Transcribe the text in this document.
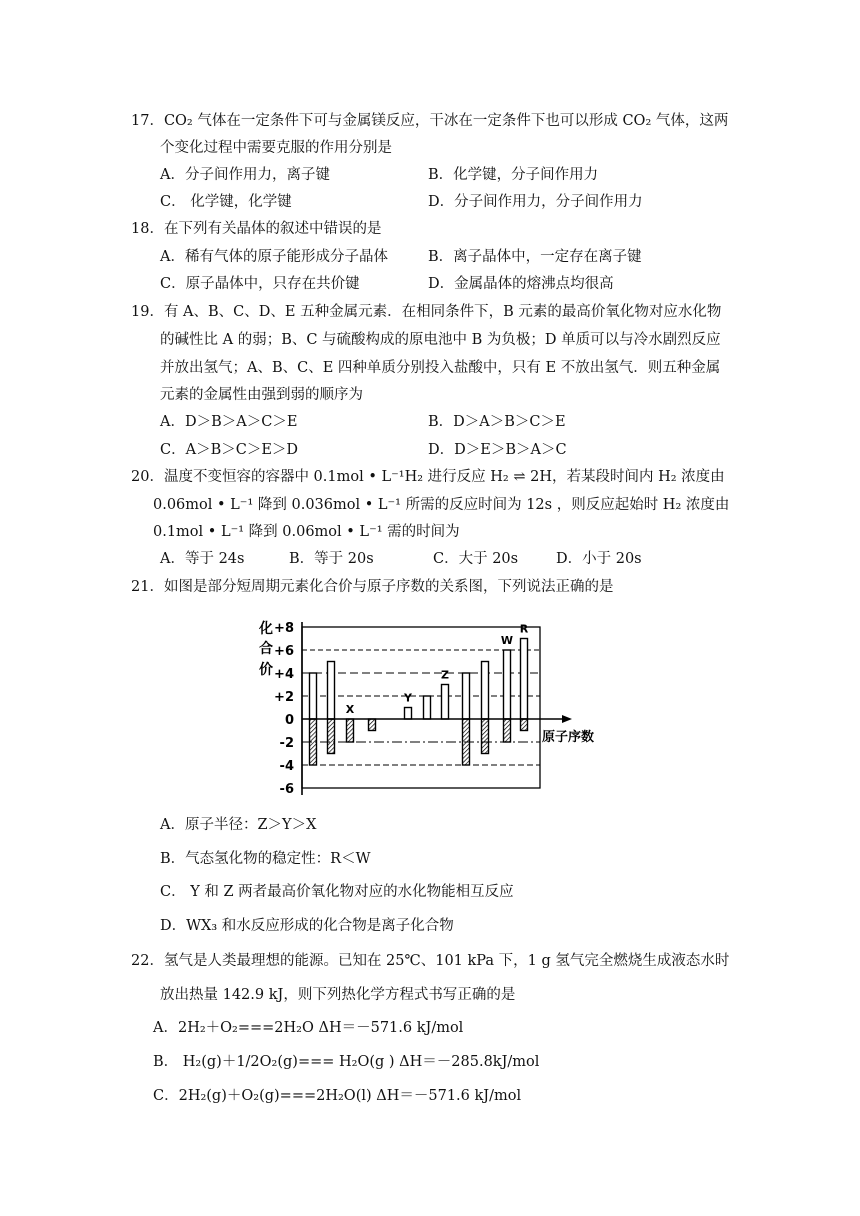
17．CO₂ 气体在一定条件下可与金属镁反应，干冰在一定条件下也可以形成 CO₂ 气体，这两
个变化过程中需要克服的作用分别是
A．分子间作用力，离子键	B．化学键，分子间作用力
C． 化学键，化学键	D．分子间作用力，分子间作用力
18．在下列有关晶体的叙述中错误的是
A．稀有气体的原子能形成分子晶体	B．离子晶体中，一定存在离子键
C．原子晶体中，只存在共价键	D．金属晶体的熔沸点均很高
19．有 A、B、C、D、E 五种金属元素．在相同条件下，B 元素的最高价氧化物对应水化物
的碱性比 A 的弱；B、C 与硫酸构成的原电池中 B 为负极；D 单质可以与冷水剧烈反应
并放出氢气；A、B、C、E 四种单质分别投入盐酸中，只有 E 不放出氢气．则五种金属
元素的金属性由强到弱的顺序为
A．D＞B＞A＞C＞E	B．D＞A＞B＞C＞E
C．A＞B＞C＞E＞D	D．D＞E＞B＞A＞C
20．温度不变恒容的容器中 0.1mol • L⁻¹H₂ 进行反应 H₂ ⇌ 2H，若某段时间内 H₂ 浓度由
0.06mol • L⁻¹ 降到 0.036mol • L⁻¹ 所需的反应时间为 12s ，则反应起始时 H₂ 浓度由
0.1mol • L⁻¹ 降到 0.06mol • L⁻¹ 需的时间为
A．等于 24s	B．等于 20s	C．大于 20s	D．小于 20s
21．如图是部分短周期元素化合价与原子序数的关系图，下列说法正确的是
+8
+6
+4
+2
0
-2
-4
-6
X
Y
Z
W
R
化
合
价
原子序数
A．原子半径：Z＞Y＞X
B．气态氢化物的稳定性：R＜W
C． Y 和 Z 两者最高价氧化物对应的水化物能相互反应
D．WX₃ 和水反应形成的化合物是离子化合物
22．氢气是人类最理想的能源。已知在 25℃、101 kPa 下，1 g 氢气完全燃烧生成液态水时
放出热量 142.9 kJ，则下列热化学方程式书写正确的是
A．2H₂＋O₂===2H₂O ΔH＝－571.6 kJ/mol
B． H₂(g)＋1/2O₂(g)=== H₂O(g ) ΔH＝－285.8kJ/mol
C．2H₂(g)＋O₂(g)===2H₂O(l) ΔH＝－571.6 kJ/mol
